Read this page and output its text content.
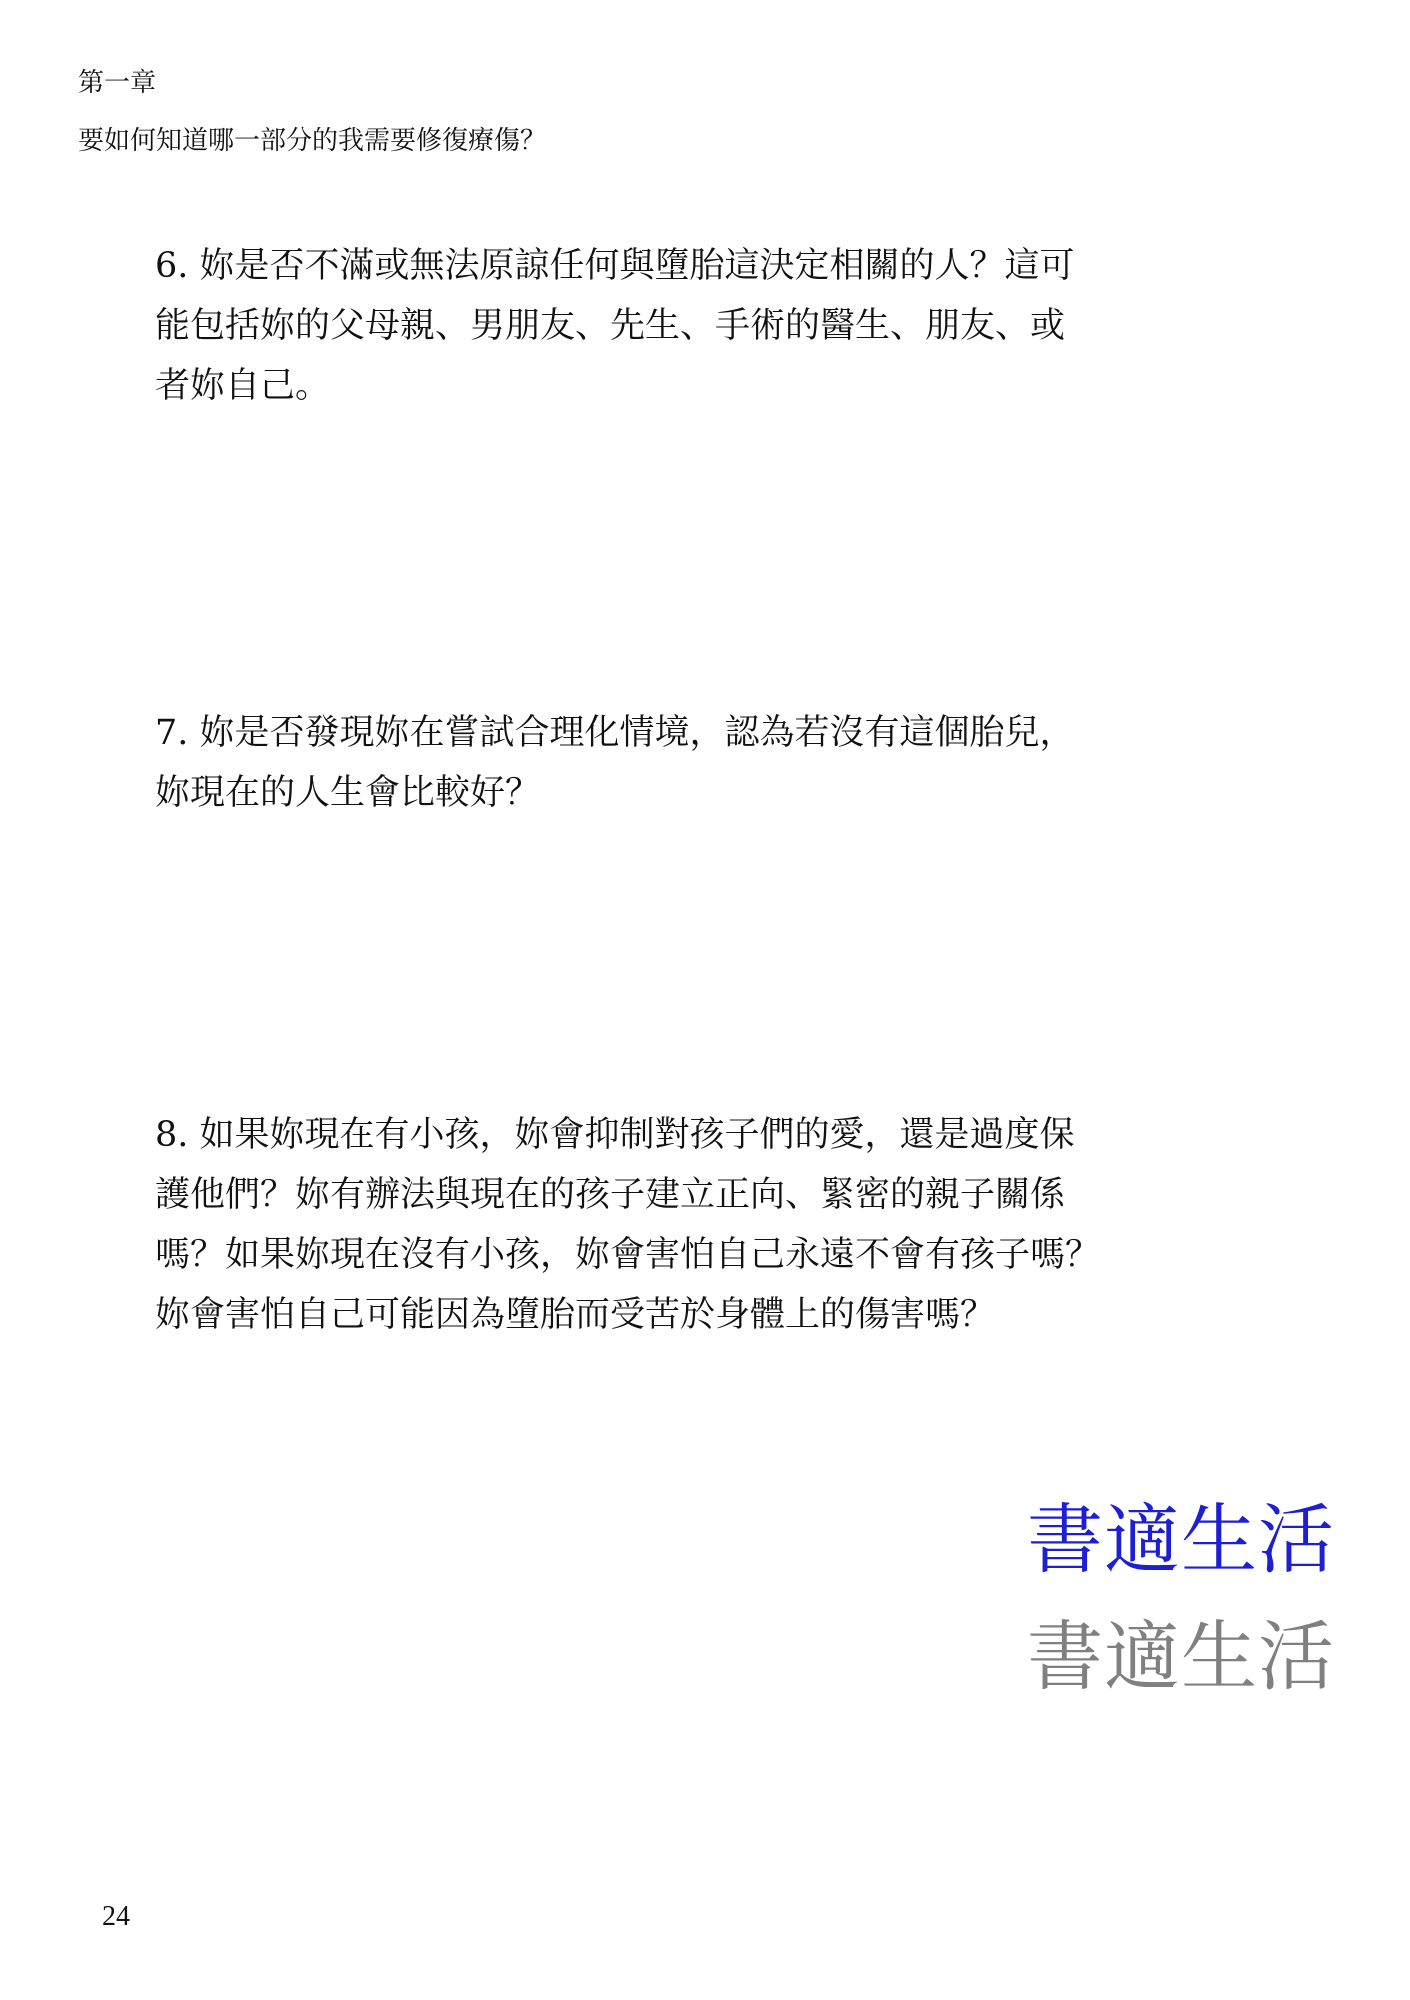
第一章
要如何知道哪一部分的我需要修復療傷？
6. 妳是否不滿或無法原諒任何與墮胎這決定相關的人？這可
能包括妳的父母親、男朋友、先生、手術的醫生、朋友、或
者妳自己。
7. 妳是否發現妳在嘗試合理化情境，認為若沒有這個胎兒，
妳現在的人生會比較好？
8. 如果妳現在有小孩，妳會抑制對孩子們的愛，還是過度保
護他們？妳有辦法與現在的孩子建立正向、緊密的親子關係
嗎？如果妳現在沒有小孩，妳會害怕自己永遠不會有孩子嗎？
妳會害怕自己可能因為墮胎而受苦於身體上的傷害嗎？
書適生活
書適生活
24
